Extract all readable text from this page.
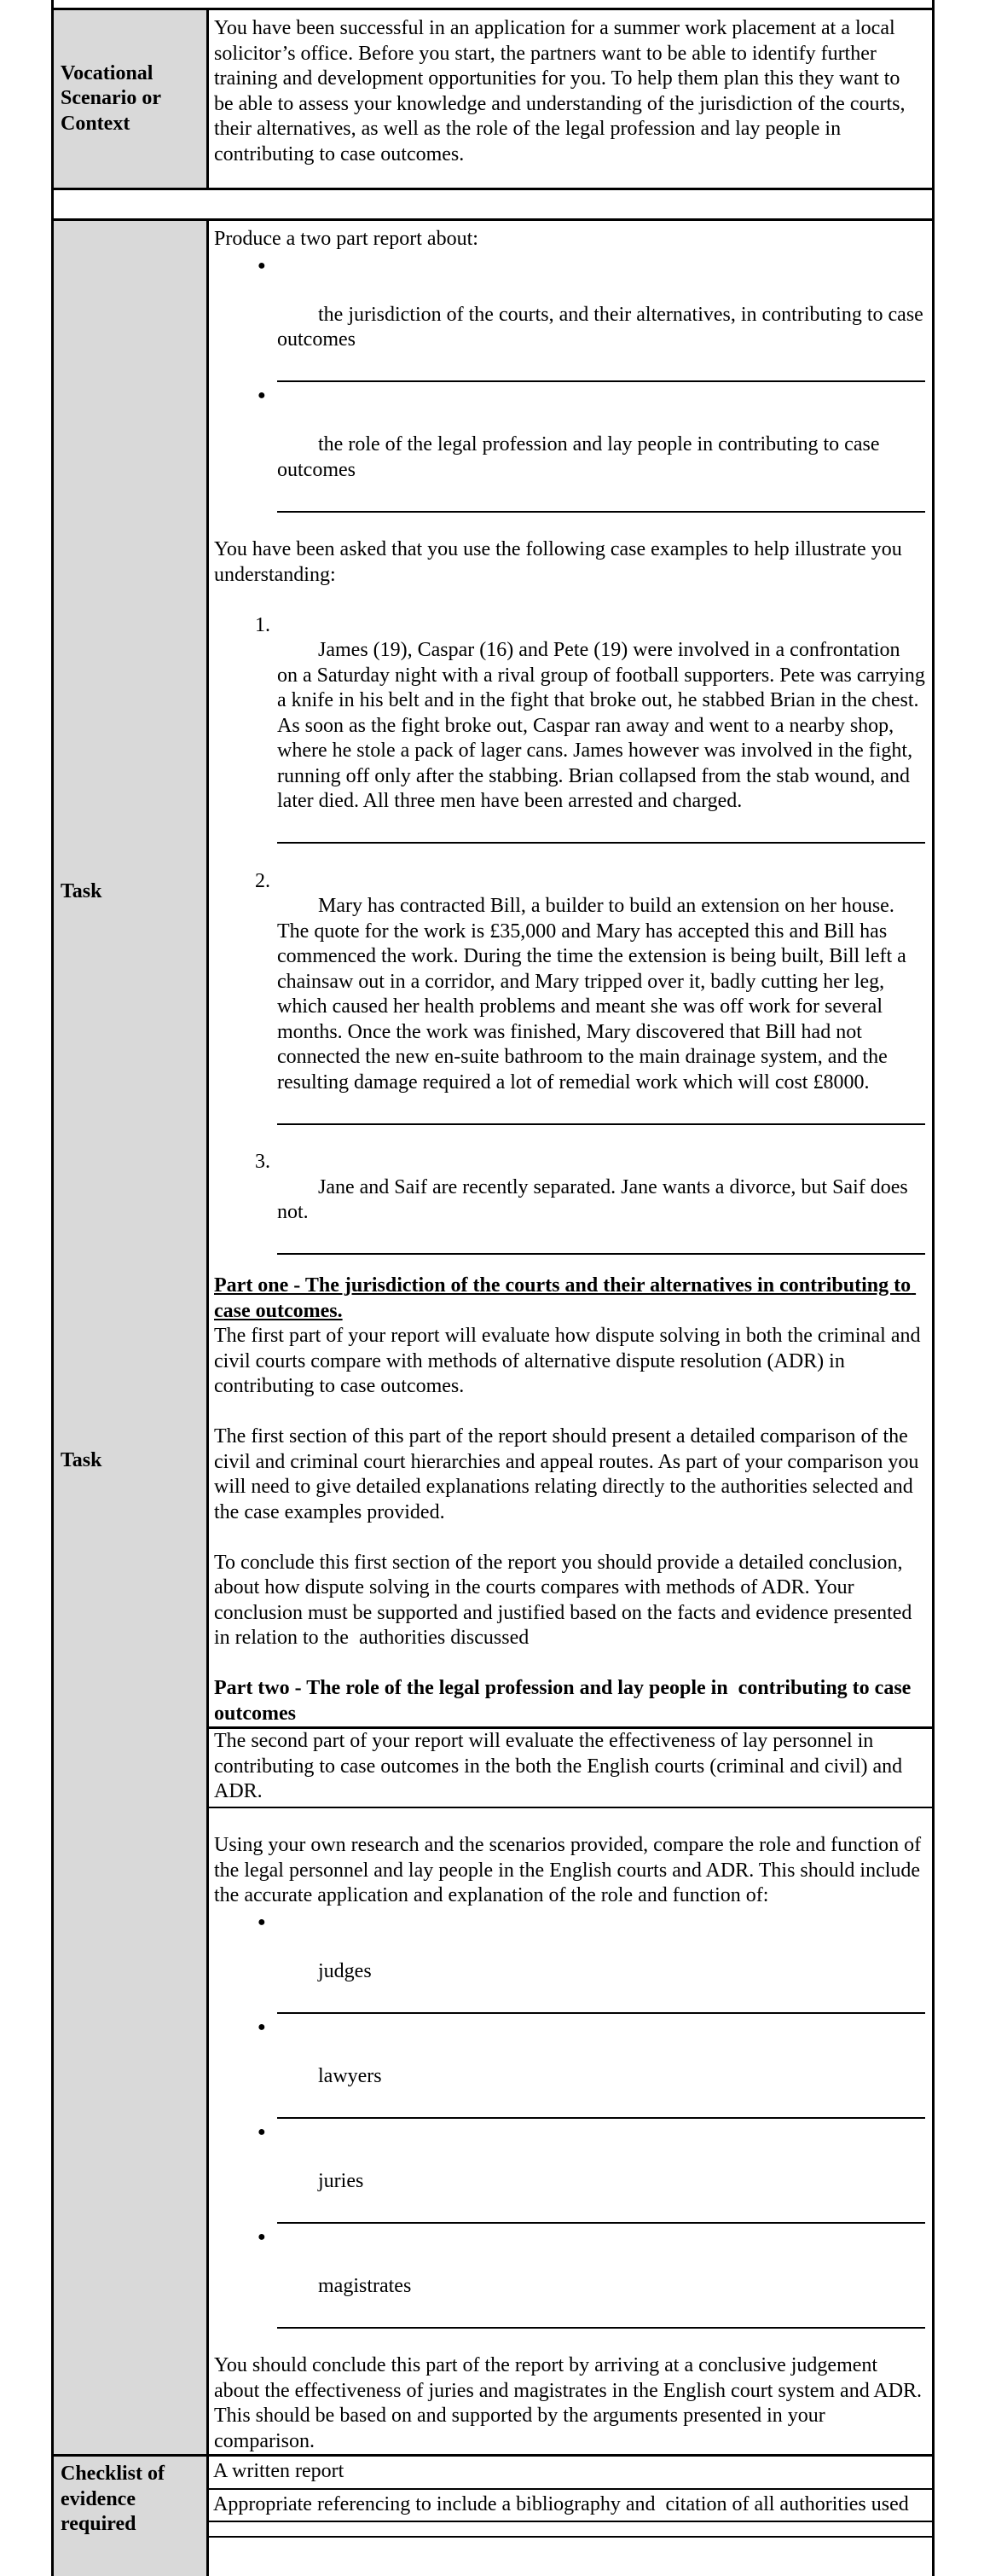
Vocational Scenario or Context
You have been successful in an application for a summer work placement at a local solicitor’s office. Before you start, the partners want to be able to identify further training and development opportunities for you. To help them plan this they want to be able to assess your knowledge and understanding of the jurisdiction of the courts, their alternatives, as well as the role of the legal profession and lay people in contributing to case outcomes.
Task
Task
Produce a two part report about:

●

the jurisdiction of the courts, and their alternatives, in contributing to case outcomes

●

the role of the legal profession and lay people in contributing to case outcomes

You have been asked that you use the following case examples to help illustrate you understanding:

1.

James (19), Caspar (16) and Pete (19) were involved in a confrontation on a Saturday night with a rival group of football supporters. Pete was carrying a knife in his belt and in the fight that broke out, he stabbed Brian in the chest. As soon as the fight broke out, Caspar ran away and went to a nearby shop, where he stole a pack of lager cans. James however was involved in the fight, running off only after the stabbing. Brian collapsed from the stab wound, and later died. All three men have been arrested and charged.

2.

Mary has contracted Bill, a builder to build an extension on her house. The quote for the work is £35,000 and Mary has accepted this and Bill has commenced the work. During the time the extension is being built, Bill left a chainsaw out in a corridor, and Mary tripped over it, badly cutting her leg, which caused her health problems and meant she was off work for several months. Once the work was finished, Mary discovered that Bill had not connected the new en-suite bathroom to the main drainage system, and the resulting damage required a lot of remedial work which will cost £8000.

3.

Jane and Saif are recently separated. Jane wants a divorce, but Saif does not.

Part one - The jurisdiction of the courts and their alternatives in contributing to case outcomes.
The first part of your report will evaluate how dispute solving in both the criminal and civil courts compare with methods of alternative dispute resolution (ADR) in contributing to case outcomes.
The first section of this part of the report should present a detailed comparison of the civil and criminal court hierarchies and appeal routes. As part of your comparison you will need to give detailed explanations relating directly to the authorities selected and the case examples provided.
To conclude this first section of the report you should provide a detailed conclusion, about how dispute solving in the courts compares with methods of ADR. Your conclusion must be supported and justified based on the facts and evidence presented in relation to the  authorities discussed
Part two - The role of the legal profession and lay people in  contributing to case outcomes
The second part of your report will evaluate the effectiveness of lay personnel in contributing to case outcomes in the both the English courts (criminal and civil) and ADR.
Using your own research and the scenarios provided, compare the role and function of the legal personnel and lay people in the English courts and ADR. This should include the accurate application and explanation of the role and function of:

●

judges

●

lawyers

●

juries

●

magistrates

You should conclude this part of the report by arriving at a conclusive judgement about the effectiveness of juries and magistrates in the English court system and ADR. This should be based on and supported by the arguments presented in your comparison.
Checklist of evidence required
A written report
Appropriate referencing to include a bibliography and  citation of all authorities used
